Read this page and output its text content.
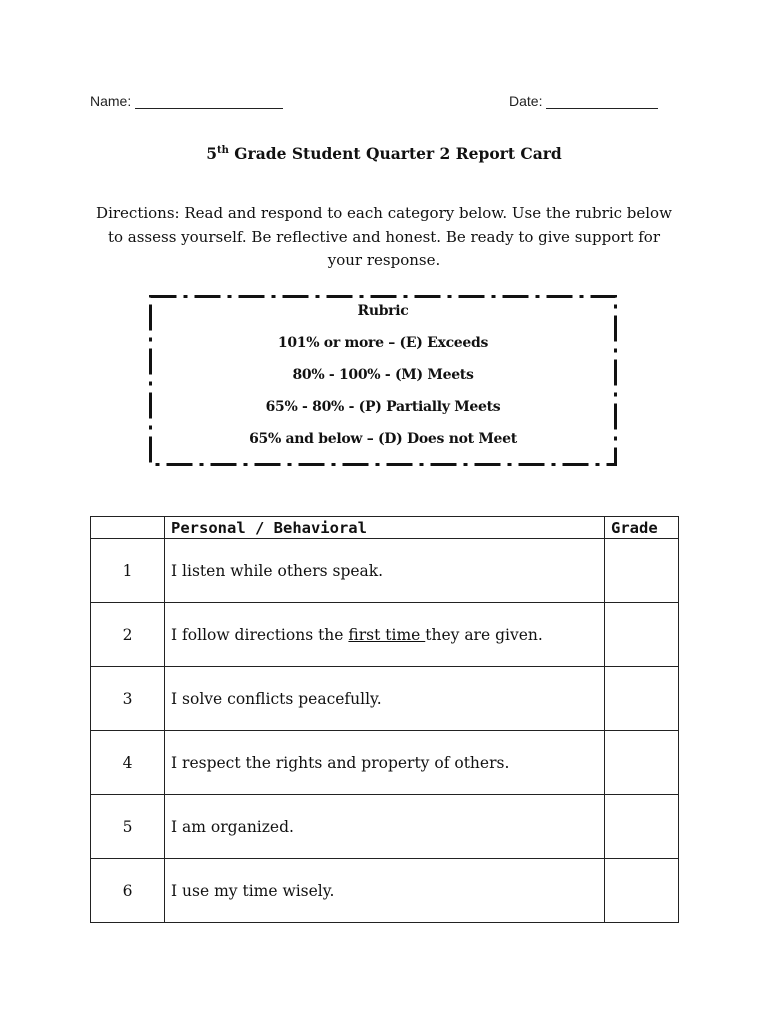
Name:	Date:
5th Grade Student Quarter 2 Report Card
Directions: Read and respond to each category below. Use the rubric below to assess yourself. Be reflective and honest. Be ready to give support for your response.
Rubric
101% or more – (E) Exceeds
80% - 100% - (M) Meets
65% - 80% - (P) Partially Meets
65% and below – (D) Does not Meet
	Personal / Behavioral	Grade
1	I listen while others speak.	
2	I follow directions the first time they are given.	
3	I solve conflicts peacefully.	
4	I respect the rights and property of others.	
5	I am organized.	
6	I use my time wisely.	
